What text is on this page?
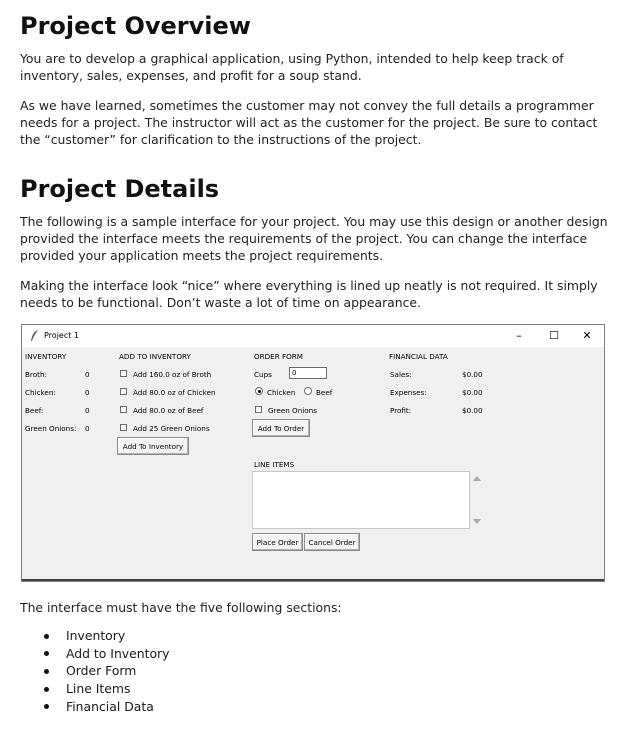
Project Overview

You are to develop a graphical application, using Python, intended to help keep track of inventory, sales, expenses, and profit for a soup stand.

As we have learned, sometimes the customer may not convey the full details a programmer needs for a project. The instructor will act as the customer for the project. Be sure to contact the “customer” for clarification to the instructions of the project.

Project Details

The following is a sample interface for your project. You may use this design or another design provided the interface meets the requirements of the project. You can change the interface provided your application meets the project requirements.

Making the interface look “nice” where everything is lined up neatly is not required. It simply needs to be functional. Don’t waste a lot of time on appearance.

Project 1	–	☐	✕
INVENTORY
Broth:	0
Chicken:	0
Beef:	0
Green Onions: 0
ADD TO INVENTORY
Add 160.0 oz of Broth
Add 80.0 oz of Chicken
Add 80.0 oz of Beef
Add 25 Green Onions
Add To Inventory
ORDER FORM
Cups	0
Chicken	Beef
Green Onions
Add To Order
LINE ITEMS
Place Order	Cancel Order
FINANCIAL DATA
Sales:	$0.00
Expenses:	$0.00
Profit:	$0.00

The interface must have the five following sections:

Inventory
Add to Inventory
Order Form
Line Items
Financial Data
